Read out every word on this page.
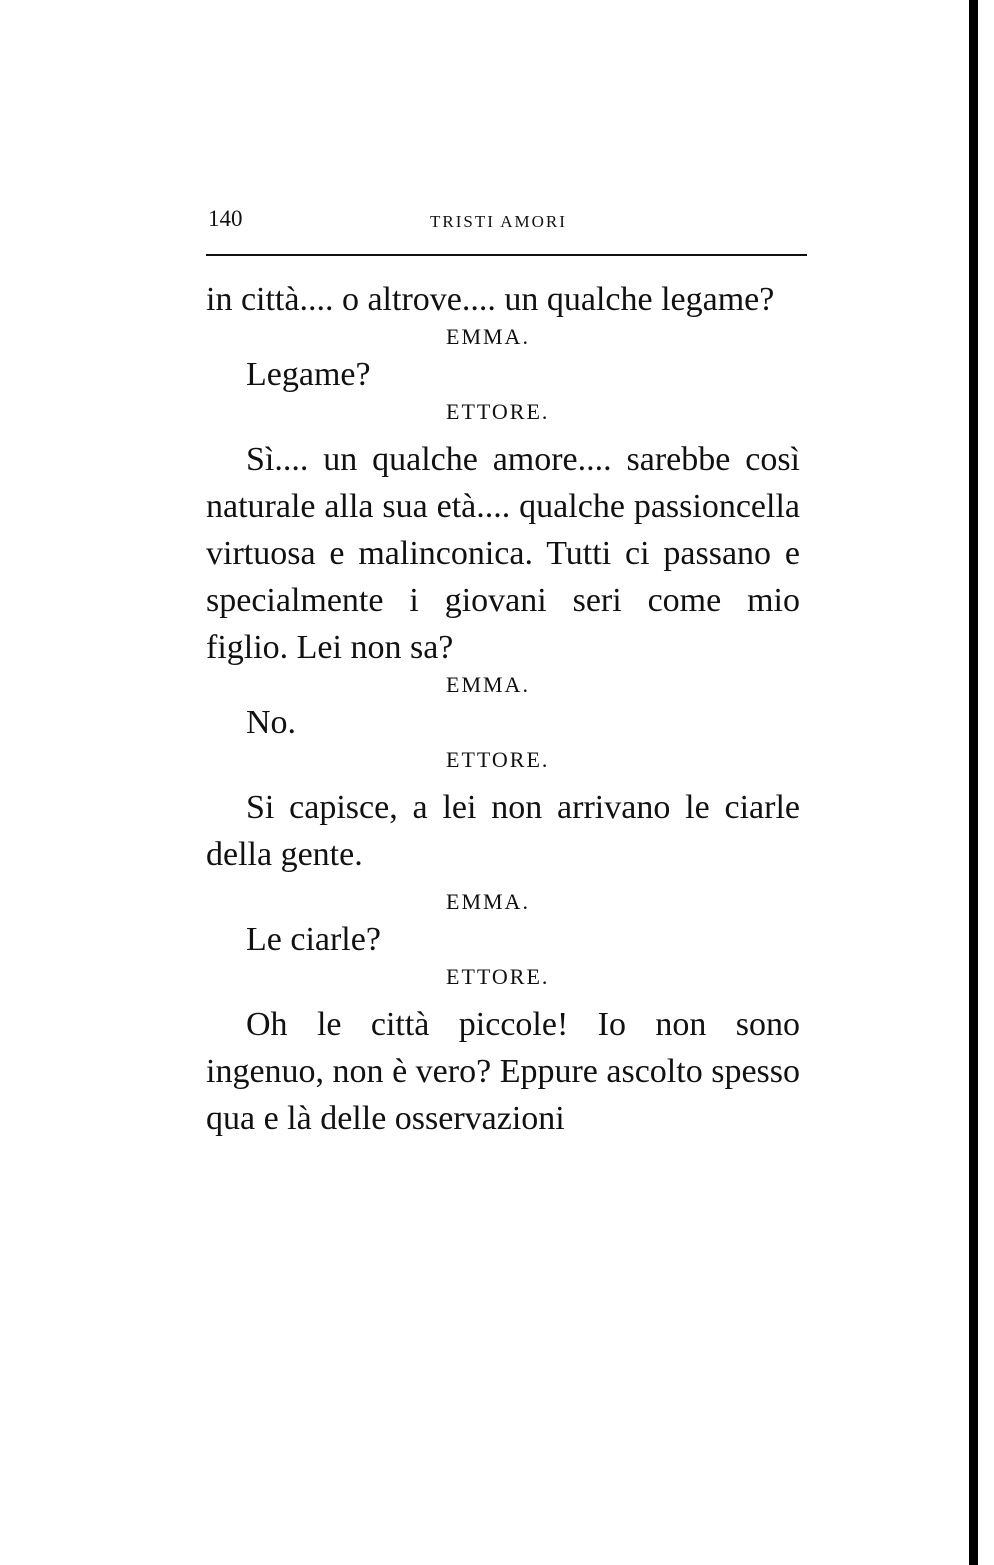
140	TRISTI AMORI

in città.... o altrove.... un qualche legame?

EMMA.

Legame?

ETTORE.

Sì.... un qualche amore.... sarebbe così naturale alla sua età.... qualche passioncella virtuosa e malinconica. Tutti ci passano e specialmente i giovani seri come mio figlio. Lei non sa?

EMMA.

No.

ETTORE.

Si capisce, a lei non arrivano le ciarle della gente.

EMMA.

Le ciarle?

ETTORE.

Oh le città piccole! Io non sono ingenuo, non è vero? Eppure ascolto spesso qua e là delle osservazioni
